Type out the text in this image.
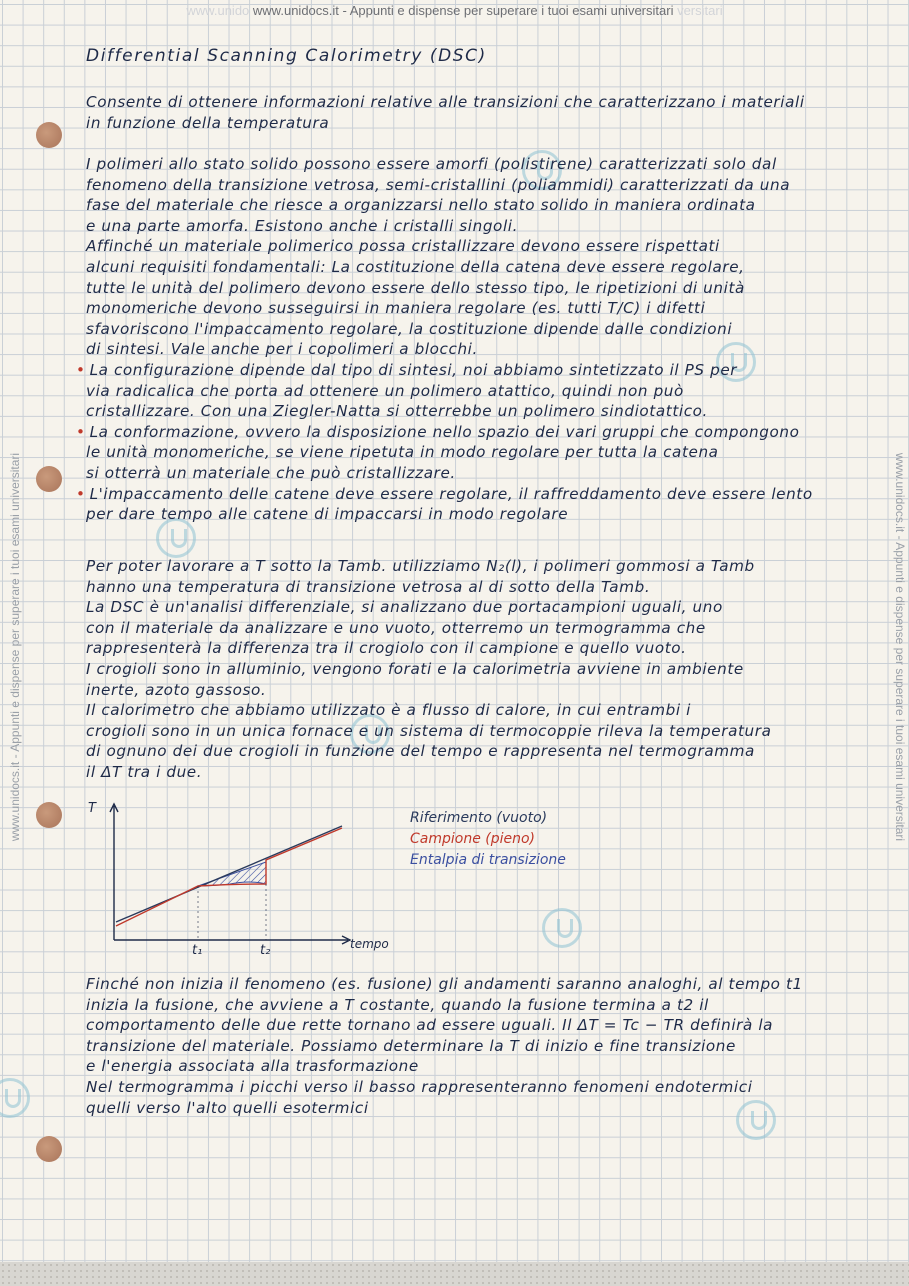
www.unido www.unidocs.it - Appunti e dispense per superare i tuoi esami universitari versitari
www.unidocs.it - Appunti e dispense per superare i tuoi esami universitari	www.unidocs.it - Appunti e dispense per superare i tuoi esami universitari
Differential Scanning Calorimetry (DSC)
Consente di ottenere informazioni relative alle transizioni che caratterizzano i materiali
in funzione della temperatura
I polimeri allo stato solido possono essere amorfi (polistirene) caratterizzati solo dal
fenomeno della transizione vetrosa, semi-cristallini (poliammidi) caratterizzati da una
fase del materiale che riesce a organizzarsi nello stato solido in maniera ordinata
e una parte amorfa. Esistono anche i cristalli singoli.
Affinché un materiale polimerico possa cristallizzare devono essere rispettati
alcuni requisiti fondamentali: La costituzione della catena deve essere regolare,
tutte le unità del polimero devono essere dello stesso tipo, le ripetizioni di unità
monomeriche devono susseguirsi in maniera regolare (es. tutti T/C) i difetti
sfavoriscono l'impaccamento regolare, la costituzione dipende dalle condizioni
di sintesi. Vale anche per i copolimeri a blocchi.
• La configurazione dipende dal tipo di sintesi, noi abbiamo sintetizzato il PS per
via radicalica che porta ad ottenere un polimero atattico, quindi non può
cristallizzare. Con una Ziegler-Natta si otterrebbe un polimero sindiotattico.
• La conformazione, ovvero la disposizione nello spazio dei vari gruppi che compongono
le unità monomeriche, se viene ripetuta in modo regolare per tutta la catena
si otterrà un materiale che può cristallizzare.
• L'impaccamento delle catene deve essere regolare, il raffreddamento deve essere lento
per dare tempo alle catene di impaccarsi in modo regolare
Per poter lavorare a T sotto la Tamb. utilizziamo N₂(l), i polimeri gommosi a Tamb
hanno una temperatura di transizione vetrosa al di sotto della Tamb.
La DSC è un'analisi differenziale, si analizzano due portacampioni uguali, uno
con il materiale da analizzare e uno vuoto, otterremo un termogramma che
rappresenterà la differenza tra il crogiolo con il campione e quello vuoto.
I crogioli sono in alluminio, vengono forati e la calorimetria avviene in ambiente
inerte, azoto gassoso.
Il calorimetro che abbiamo utilizzato è a flusso di calore, in cui entrambi i
crogioli sono in un unica fornace e un sistema di termocoppie rileva la temperatura
di ognuno dei due crogioli in funzione del tempo e rappresenta nel termogramma
il ΔT tra i due.
T
tempo
t₁	t₂
Riferimento (vuoto)
Campione (pieno)
Entalpia di transizione
Finché non inizia il fenomeno (es. fusione) gli andamenti saranno analoghi, al tempo t1
inizia la fusione, che avviene a T costante, quando la fusione termina a t2 il
comportamento delle due rette tornano ad essere uguali. Il ΔT = Tc − TR definirà la
transizione del materiale. Possiamo determinare la T di inizio e fine transizione
e l'energia associata alla trasformazione
Nel termogramma i picchi verso il basso rappresenteranno fenomeni endotermici
quelli verso l'alto quelli esotermici
